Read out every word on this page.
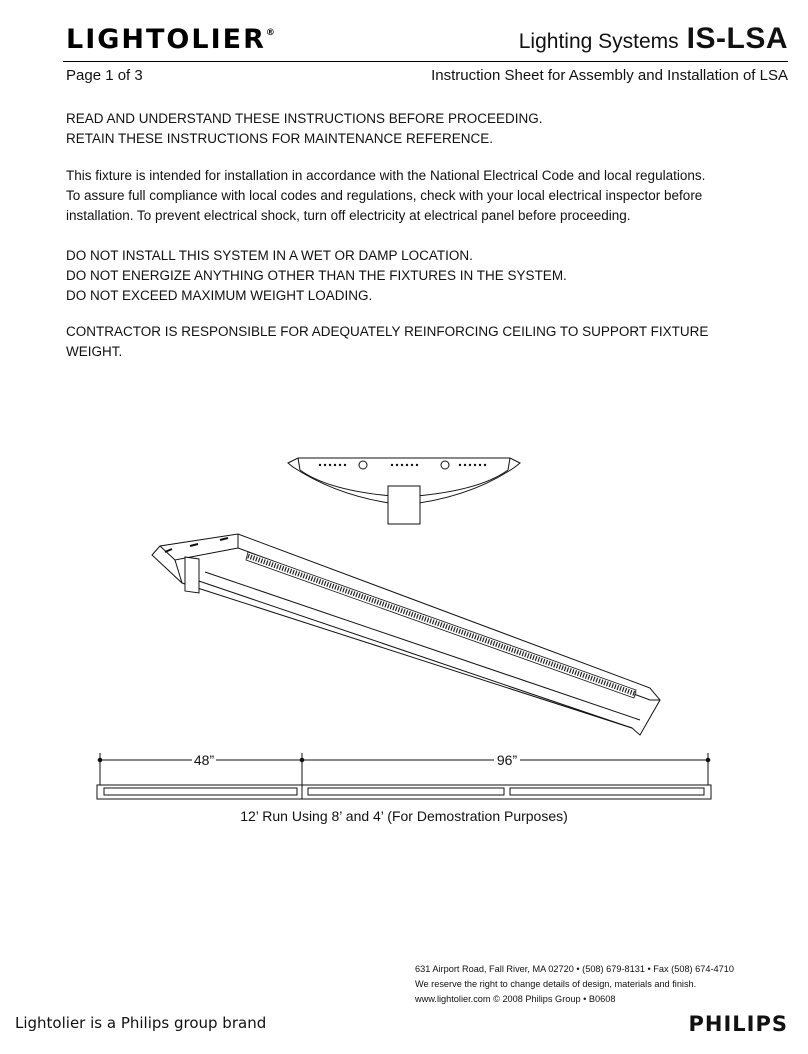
LIGHTOLIER®	Lighting Systems IS-LSA
Page 1 of 3	Instruction Sheet for Assembly and Installation of LSA

READ AND UNDERSTAND THESE INSTRUCTIONS BEFORE PROCEEDING.

RETAIN THESE INSTRUCTIONS FOR MAINTENANCE REFERENCE.

This fixture is intended for installation in accordance with the National Electrical Code and local regulations.

To assure full compliance with local codes and regulations, check with your local electrical inspector before

installation. To prevent electrical shock, turn off electricity at electrical panel before proceeding.

DO NOT INSTALL THIS SYSTEM IN A WET OR DAMP LOCATION.

DO NOT ENERGIZE ANYTHING OTHER THAN THE FIXTURES IN THE SYSTEM.

DO NOT EXCEED MAXIMUM WEIGHT LOADING.

CONTRACTOR IS RESPONSIBLE FOR ADEQUATELY REINFORCING CEILING TO SUPPORT FIXTURE WEIGHT.
48”	96”
12’ Run Using 8’ and 4’ (For Demostration Purposes)

631 Airport Road, Fall River, MA 02720 • (508) 679-8131 • Fax (508) 674-4710

We reserve the right to change details of design, materials and finish.

www.lightolier.com © 2008 Philips Group • B0608

Lightolier is a Philips group brand	PHILIPS
